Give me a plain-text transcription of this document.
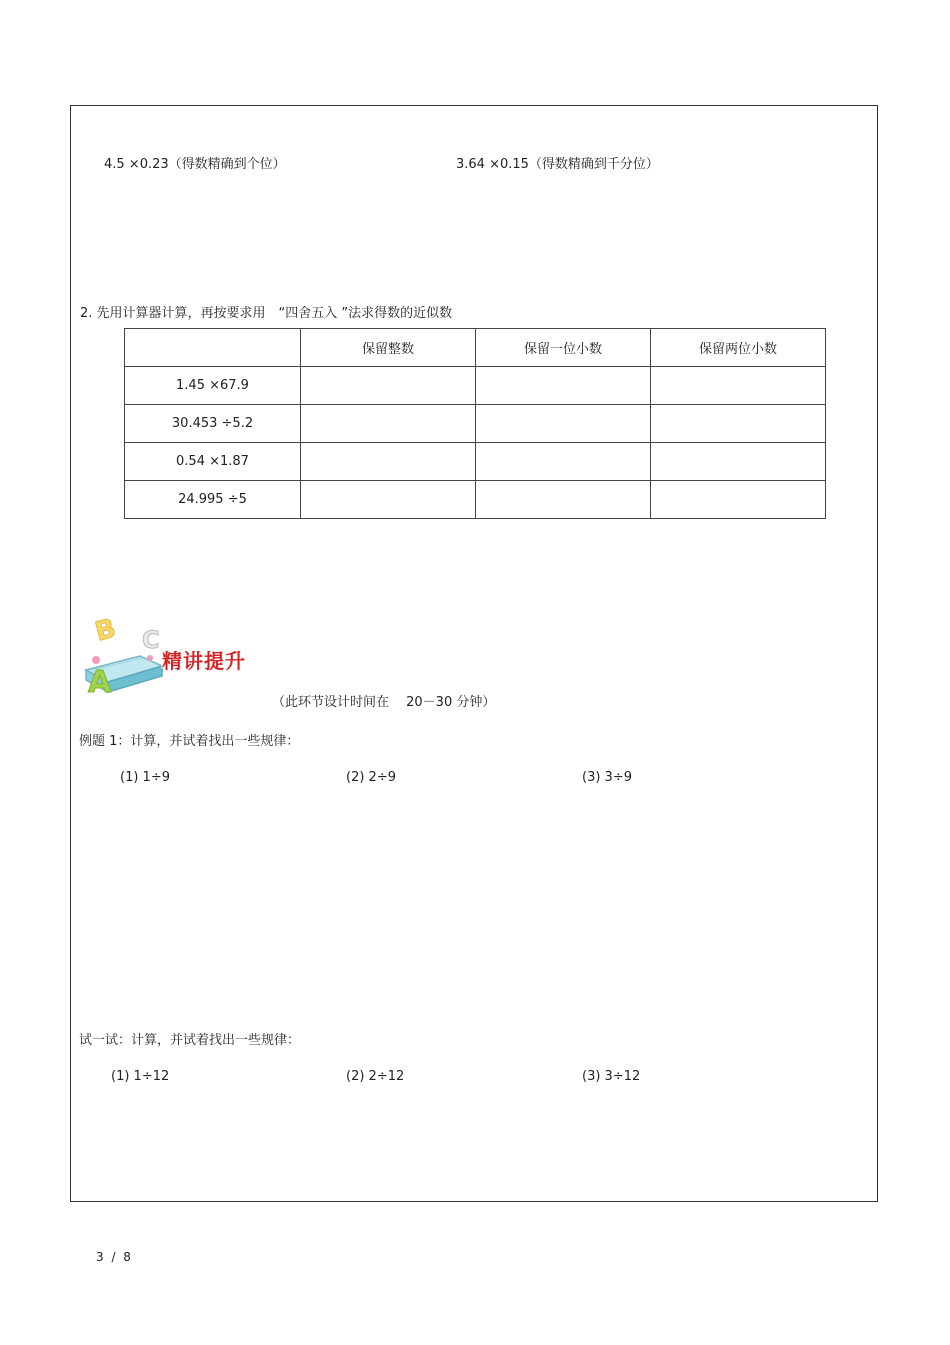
4.5 ×0.23（得数精确到个位）	3.64 ×0.15（得数精确到千分位）
2. 先用计算器计算，再按要求用　“四舍五入 ”法求得数的近似数
	保留整数	保留一位小数	保留两位小数
1.45 ×67.9			
30.453 ÷5.2			
0.54 ×1.87			
24.995 ÷5			
A
B C
精讲提升
（此环节设计时间在　 20－30 分钟）
例题 1：计算，并试着找出一些规律：
(1) 1÷9	(2) 2÷9	(3) 3÷9
试一试：计算，并试着找出一些规律：
(1) 1÷12	(2) 2÷12	(3) 3÷12
3 / 8
